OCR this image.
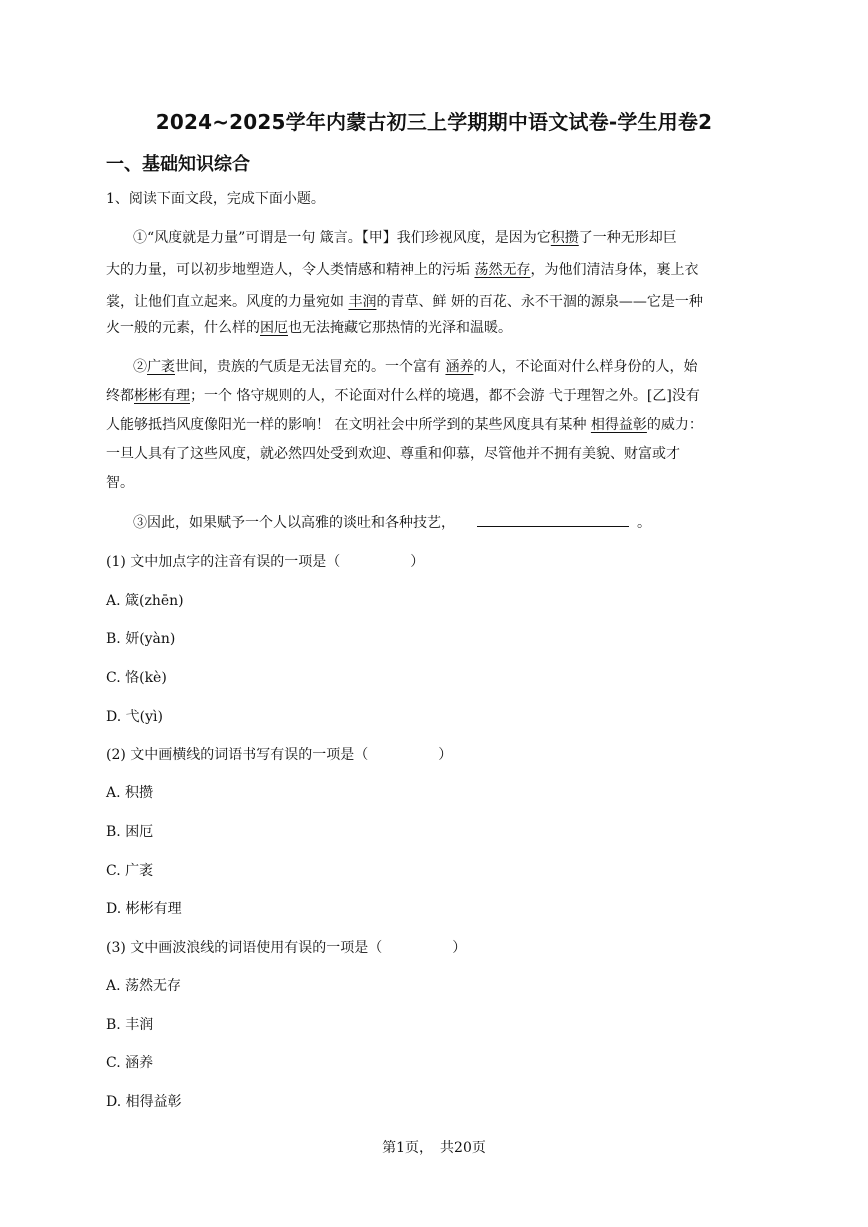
2024~2025学年内蒙古初三上学期期中语文试卷-学生用卷2
一、基础知识综合
1、阅读下面文段，完成下面小题。
①“风度就是力量”可谓是一句 箴言。【甲】我们珍视风度，是因为它积攒了一种无形却巨
大的力量，可以初步地塑造人，令人类情感和精神上的污垢 荡然无存，为他们清洁身体，裹上衣
裳，让他们直立起来。风度的力量宛如 丰润的青草、鲜 妍的百花、永不干涸的源泉——它是一种
火一般的元素，什么样的困厄也无法掩藏它那热情的光泽和温暖。
②广袤世间，贵族的气质是无法冒充的。一个富有 涵养的人，不论面对什么样身份的人，始
终都彬彬有理；一个 恪守规则的人，不论面对什么样的境遇，都不会游 弋于理智之外。[乙]没有
人能够抵挡风度像阳光一样的影响！ 在文明社会中所学到的某些风度具有某种 相得益彰的威力：
一旦人具有了这些风度，就必然四处受到欢迎、尊重和仰慕，尽管他并不拥有美貌、财富或才
智。
③因此，如果赋予一个人以高雅的谈吐和各种技艺，	。
(1) 文中加点字的注音有误的一项是（　　　　　）
A. 箴(zhēn)
B. 妍(yàn)
C. 恪(kè)
D. 弋(yì)
(2) 文中画横线的词语书写有误的一项是（　　　　　）
A. 积攒
B. 困厄
C. 广袤
D. 彬彬有理
(3) 文中画波浪线的词语使用有误的一项是（　　　　　）
A. 荡然无存
B. 丰润
C. 涵养
D. 相得益彰
第1页，　共20页
